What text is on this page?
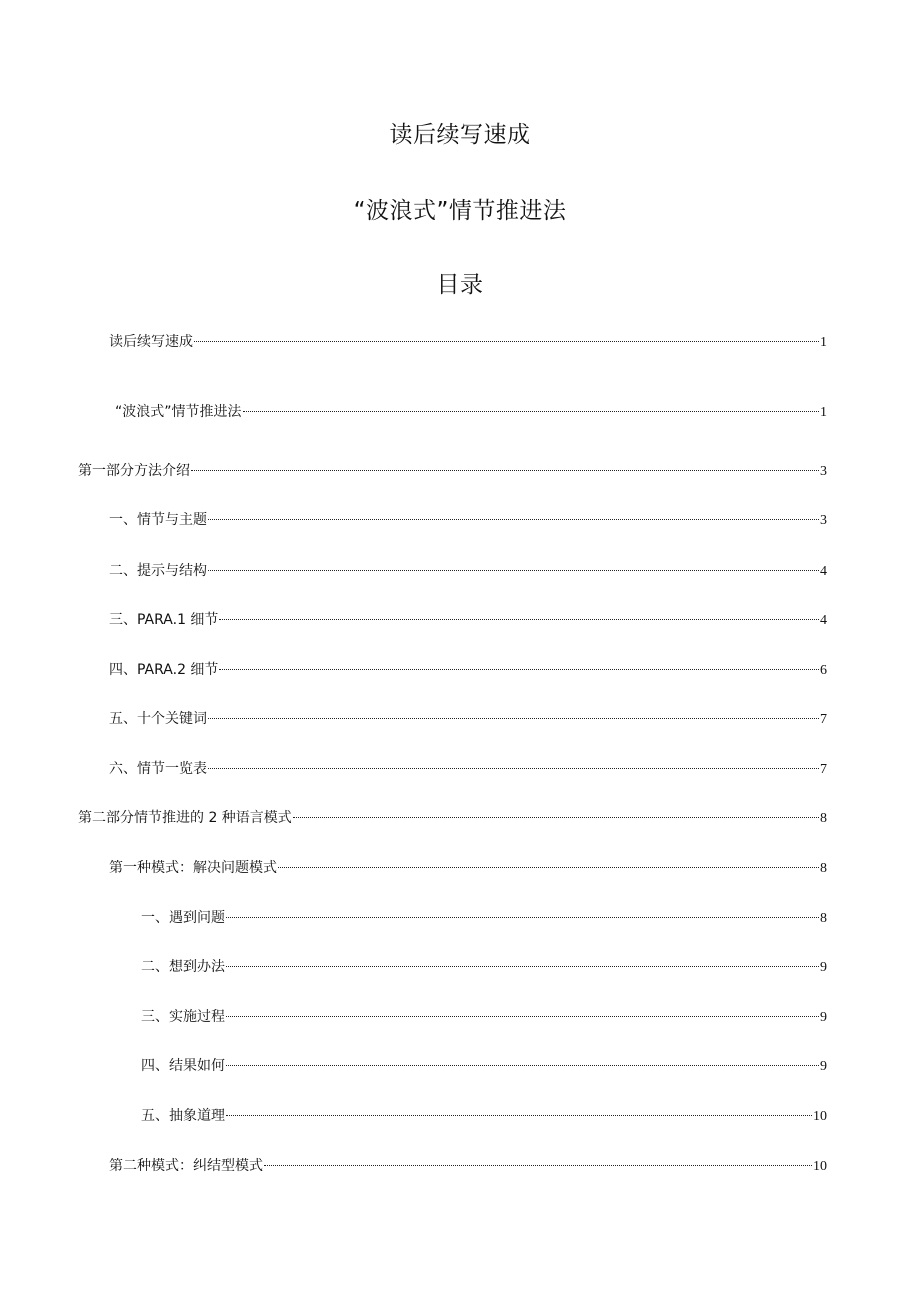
读后续写速成
“波浪式”情节推进法
目录
读后续写速成	1
“波浪式”情节推进法	1
第一部分方法介绍	3
一、情节与主题	3
二、提示与结构	4
三、PARA.1 细节	4
四、PARA.2 细节	6
五、十个关键词	7
六、情节一览表	7
第二部分情节推进的 2 种语言模式	8
第一种模式：解决问题模式	8
一、遇到问题	8
二、想到办法	9
三、实施过程	9
四、结果如何	9
五、抽象道理	10
第二种模式：纠结型模式	10
